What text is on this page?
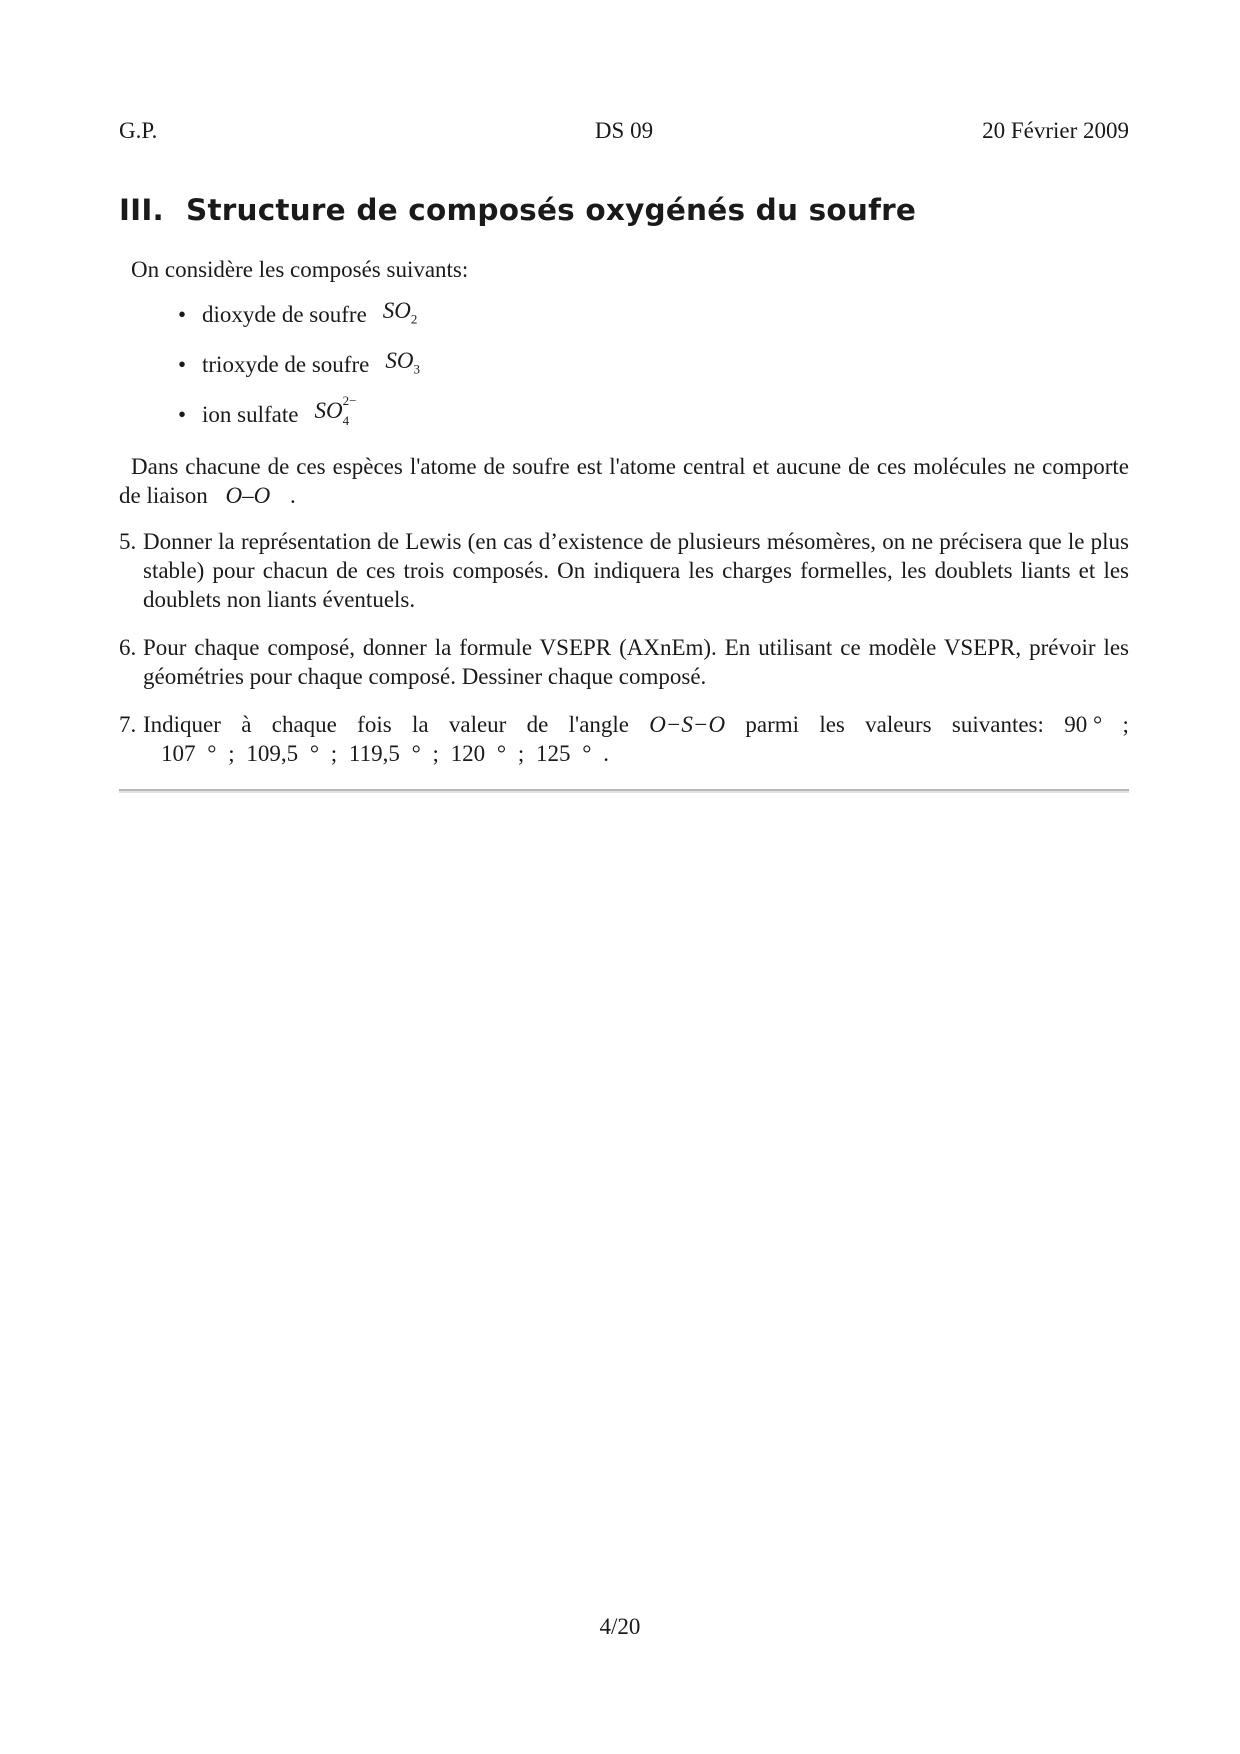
G.P.	DS 09	20 Février 2009
III. Structure de composés oxygénés du soufre
On considère les composés suivants:
• dioxyde de soufre $SO_2$
• trioxyde de soufre $SO_3$
• ion sulfate SO 2−
4
Dans chacune de ces espèces l'atome de soufre est l'atome central et aucune de ces molécules ne comporte de liaison O–O .
5. Donner la représentation de Lewis (en cas d’existence de plusieurs mésomères, on ne précisera que le plus stable) pour chacun de ces trois composés. On indiquera les charges formelles, les doublets liants et les doublets non liants éventuels.
6. Pour chaque composé, donner la formule VSEPR (AXnEm). En utilisant ce modèle VSEPR, prévoir les géométries pour chaque composé. Dessiner chaque composé.
7. Indiquer à chaque fois la valeur de l'angle O−S−O parmi les valeurs suivantes: 90 ° ;
107 ° ; 109,5 ° ; 119,5 ° ; 120 ° ; 125 ° .
4/20
